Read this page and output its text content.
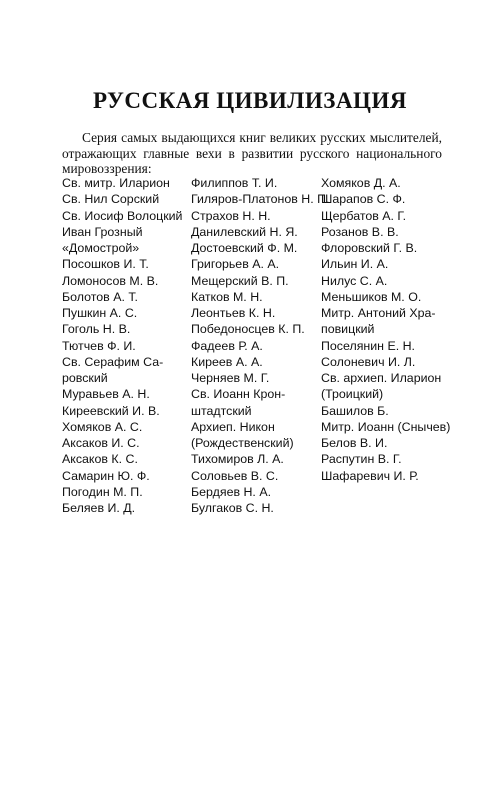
РУССКАЯ ЦИВИЛИЗАЦИЯ

Серия самых выдающихся книг великих русских мыслителей, отражающих главные вехи в развитии русского национального мировоззрения:

Св. митр. Иларион
Св. Нил Сорский
Св. Иосиф Волоцкий
Иван Грозный
«Домострой»
Посошков И. Т.
Ломоносов М. В.
Болотов А. Т.
Пушкин А. С.
Гоголь Н. В.
Тютчев Ф. И.
Св. Серафим Са-
ровский
Муравьев А. Н.
Киреевский И. В.
Хомяков А. С.
Аксаков И. С.
Аксаков К. С.
Самарин Ю. Ф.
Погодин М. П.
Беляев И. Д.
Филиппов Т. И.
Гиляров-Платонов Н. П.
Страхов Н. Н.
Данилевский Н. Я.
Достоевский Ф. М.
Григорьев А. А.
Мещерский В. П.
Катков М. Н.
Леонтьев К. Н.
Победоносцев К. П.
Фадеев Р. А.
Киреев А. А.
Черняев М. Г.
Св. Иоанн Крон-
штадтский
Архиеп. Никон
(Рождественский)
Тихомиров Л. А.
Соловьев В. С.
Бердяев Н. А.
Булгаков С. Н.
Хомяков Д. А.
Шарапов С. Ф.
Щербатов А. Г.
Розанов В. В.
Флоровский Г. В.
Ильин И. А.
Нилус С. А.
Меньшиков М. О.
Митр. Антоний Хра-
повицкий
Поселянин Е. Н.
Солоневич И. Л.
Св. архиеп. Иларион
(Троицкий)
Башилов Б.
Митр. Иоанн (Снычев)
Белов В. И.
Распутин В. Г.
Шафаревич И. Р.
